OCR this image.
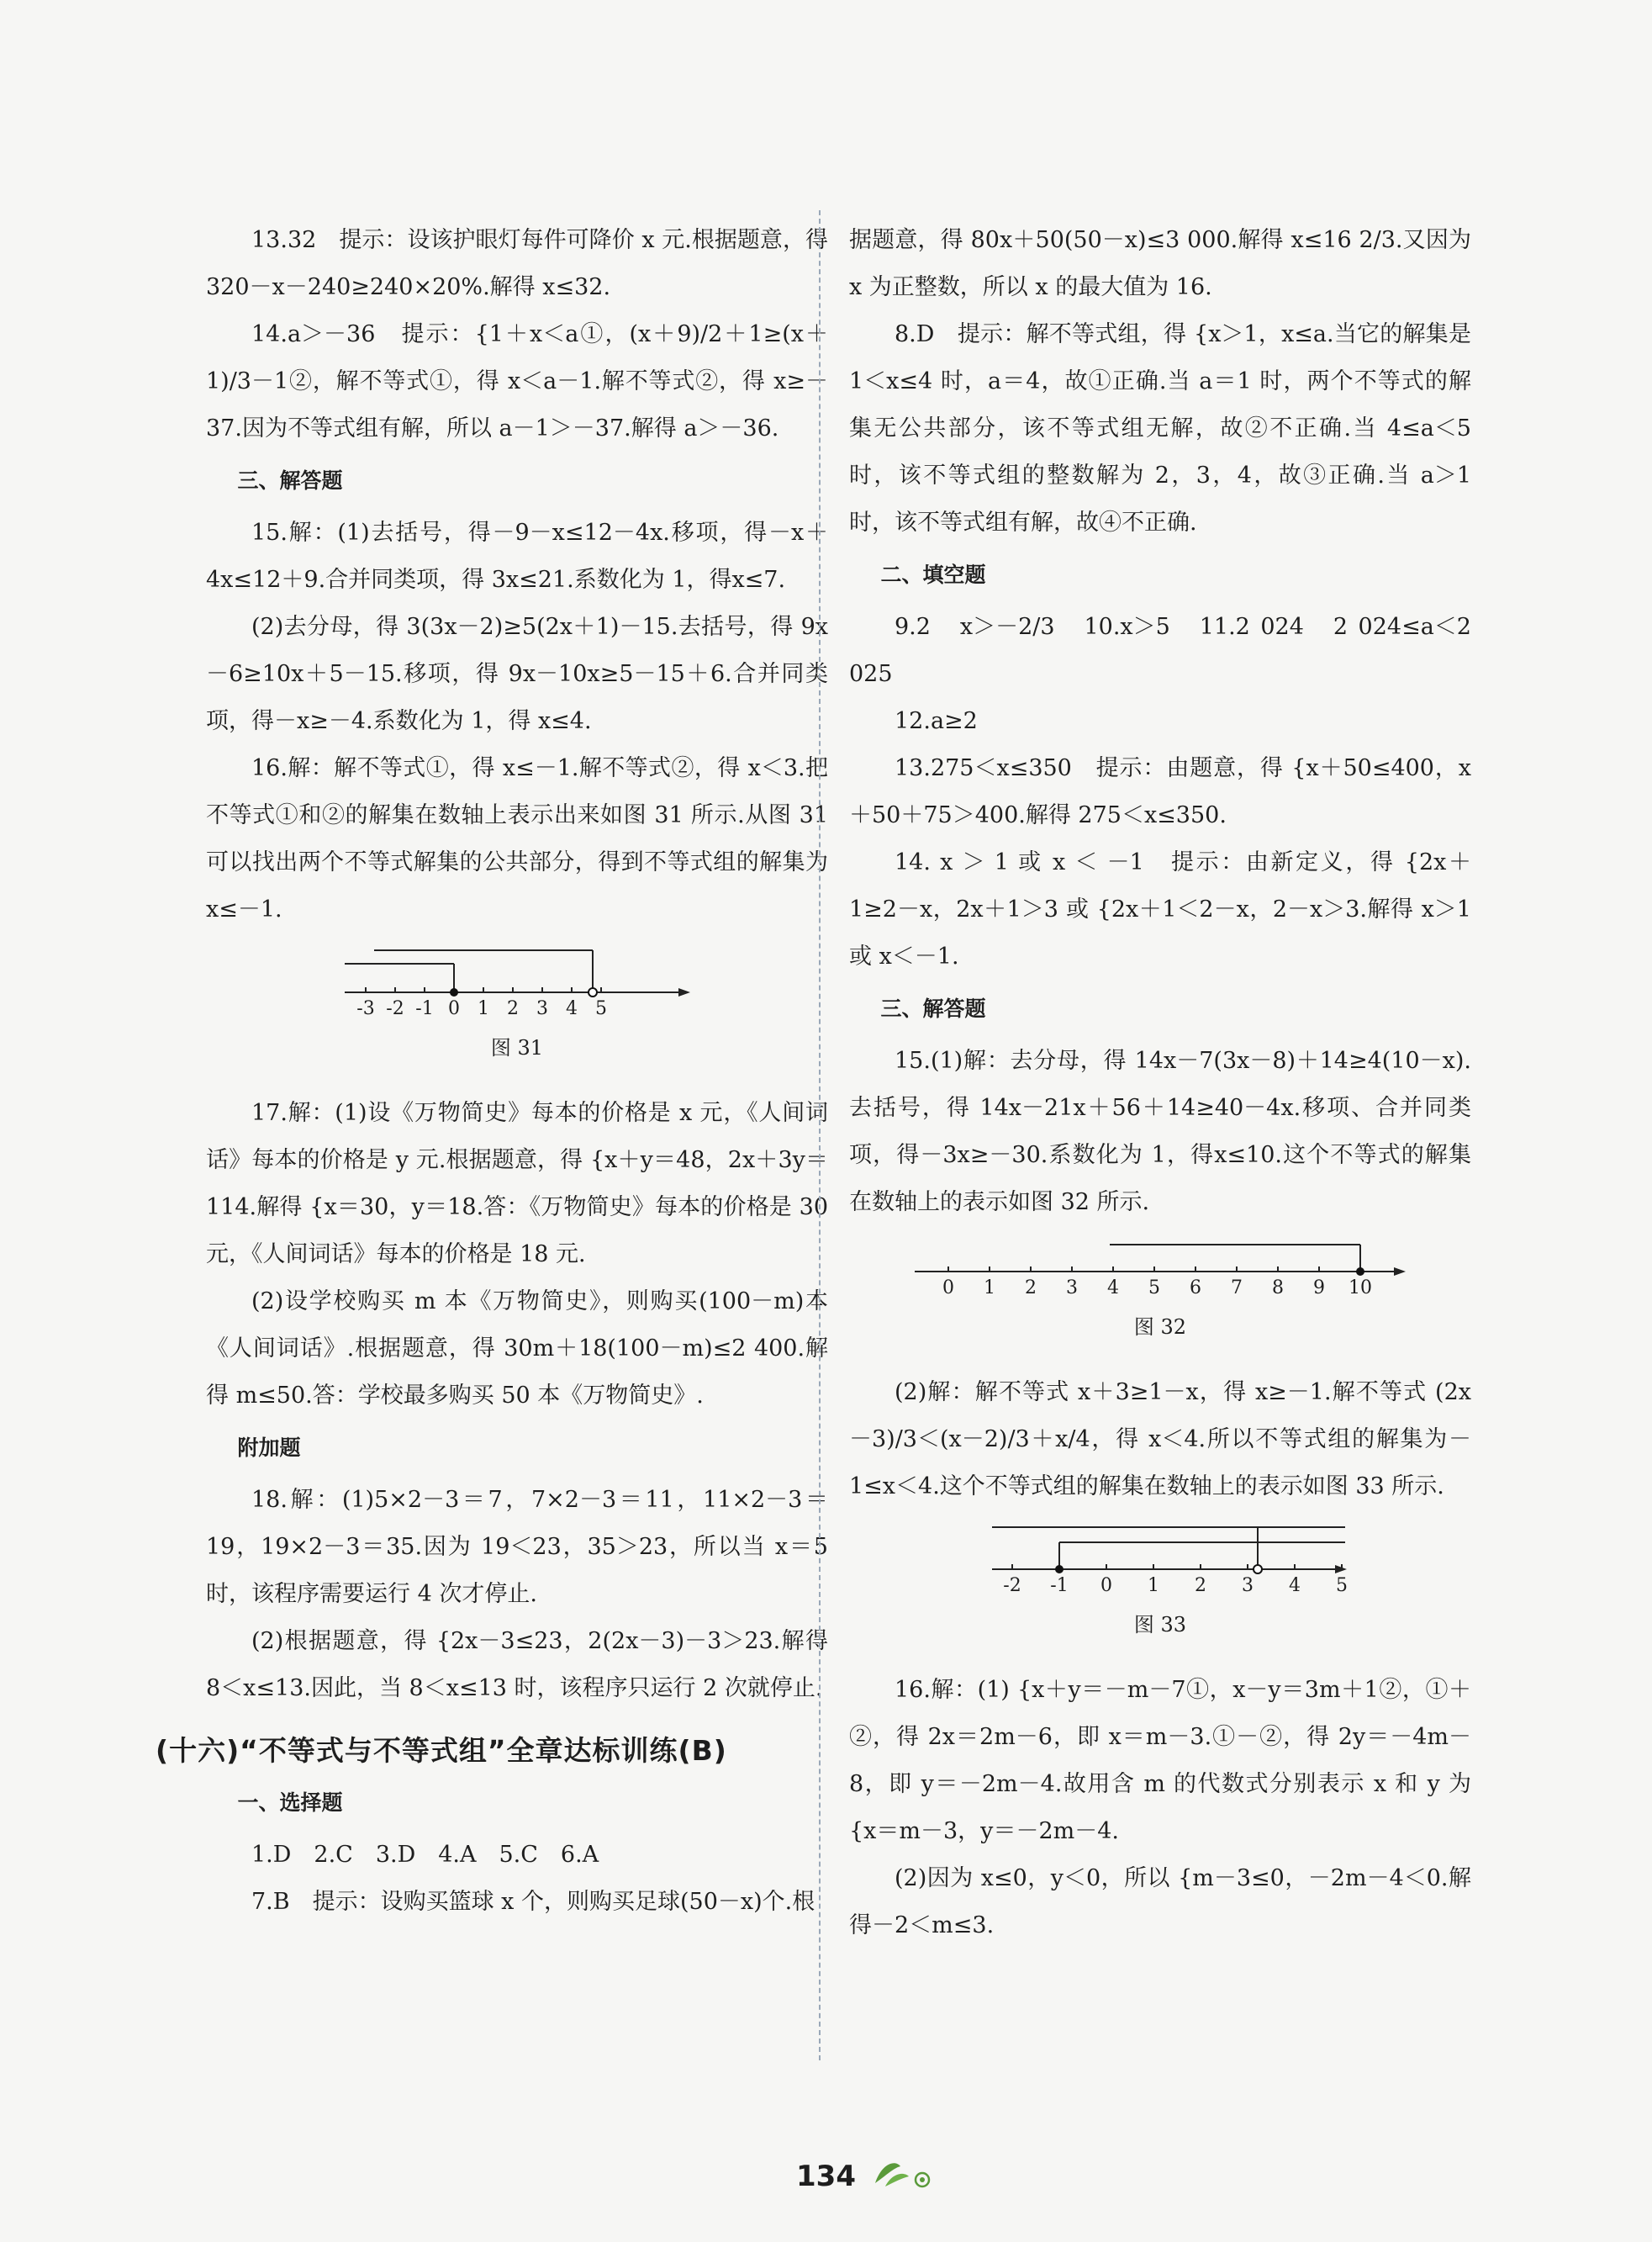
13.32　提示：设该护眼灯每件可降价 x 元.根据题意，得 320－x－240≥240×20%.解得 x≤32.

14.a＞－36　提示：{1＋x＜a①，(x＋9)/2＋1≥(x＋1)/3－1②，解不等式①，得 x＜a－1.解不等式②，得 x≥－37.因为不等式组有解，所以 a－1＞－37.解得 a＞－36.

三、解答题

15.解：(1)去括号，得－9－x≤12－4x.移项，得－x＋4x≤12＋9.合并同类项，得 3x≤21.系数化为 1，得x≤7.

(2)去分母，得 3(3x－2)≥5(2x＋1)－15.去括号，得 9x－6≥10x＋5－15.移项，得 9x－10x≥5－15＋6.合并同类项，得－x≥－4.系数化为 1，得 x≤4.

16.解：解不等式①，得 x≤－1.解不等式②，得 x＜3.把不等式①和②的解集在数轴上表示出来如图 31 所示.从图 31 可以找出两个不等式解集的公共部分，得到不等式组的解集为 x≤－1.

-3 -2 -1 0 1 2 3 4 5

图 31

17.解：(1)设《万物简史》每本的价格是 x 元，《人间词话》每本的价格是 y 元.根据题意，得 {x＋y＝48，2x＋3y＝114.解得 {x＝30，y＝18.答：《万物简史》每本的价格是 30 元，《人间词话》每本的价格是 18 元.

(2)设学校购买 m 本《万物简史》，则购买(100－m)本《人间词话》.根据题意，得 30m＋18(100－m)≤2 400.解得 m≤50.答：学校最多购买 50 本《万物简史》.

附加题

18.解：(1)5×2－3＝7，7×2－3＝11，11×2－3＝19，19×2－3＝35.因为 19＜23，35＞23，所以当 x＝5 时，该程序需要运行 4 次才停止.

(2)根据题意，得 {2x－3≤23，2(2x－3)－3＞23.解得 8＜x≤13.因此，当 8＜x≤13 时，该程序只运行 2 次就停止.

(十六)“不等式与不等式组”全章达标训练(B)

一、选择题

1.D　2.C　3.D　4.A　5.C　6.A

7.B　提示：设购买篮球 x 个，则购买足球(50－x)个.根

据题意，得 80x＋50(50－x)≤3 000.解得 x≤16 2/3.又因为 x 为正整数，所以 x 的最大值为 16.

8.D　提示：解不等式组，得 {x＞1，x≤a.当它的解集是 1＜x≤4 时，a＝4，故①正确.当 a＝1 时，两个不等式的解集无公共部分，该不等式组无解，故②不正确.当 4≤a＜5 时，该不等式组的整数解为 2，3，4，故③正确.当 a＞1 时，该不等式组有解，故④不正确.

二、填空题

9.2　x＞－2/3　10.x＞5　11.2 024　2 024≤a＜2 025

12.a≥2

13.275＜x≤350　提示：由题意，得 {x＋50≤400，x＋50＋75＞400.解得 275＜x≤350.

14. x ＞ 1 或 x ＜ －1　提示：由新定义，得 {2x＋1≥2－x，2x＋1＞3 或 {2x＋1＜2－x，2－x＞3.解得 x＞1 或 x＜－1.

三、解答题

15.(1)解：去分母，得 14x－7(3x－8)＋14≥4(10－x).去括号，得 14x－21x＋56＋14≥40－4x.移项、合并同类项，得－3x≥－30.系数化为 1，得x≤10.这个不等式的解集在数轴上的表示如图 32 所示.

0 1 2 3 4 5 6 7 8 9 10

图 32

(2)解：解不等式 x＋3≥1－x，得 x≥－1.解不等式 (2x－3)/3＜(x－2)/3＋x/4，得 x＜4.所以不等式组的解集为－1≤x＜4.这个不等式组的解集在数轴上的表示如图 33 所示.

-2 -1 0 1 2 3 4 5

图 33

16.解：(1) {x＋y＝－m－7①，x－y＝3m＋1②，①＋②，得 2x＝2m－6，即 x＝m－3.①－②，得 2y＝－4m－8，即 y＝－2m－4.故用含 m 的代数式分别表示 x 和 y 为 {x＝m－3，y＝－2m－4.

(2)因为 x≤0，y＜0，所以 {m－3≤0，－2m－4＜0.解得－2＜m≤3.

134
